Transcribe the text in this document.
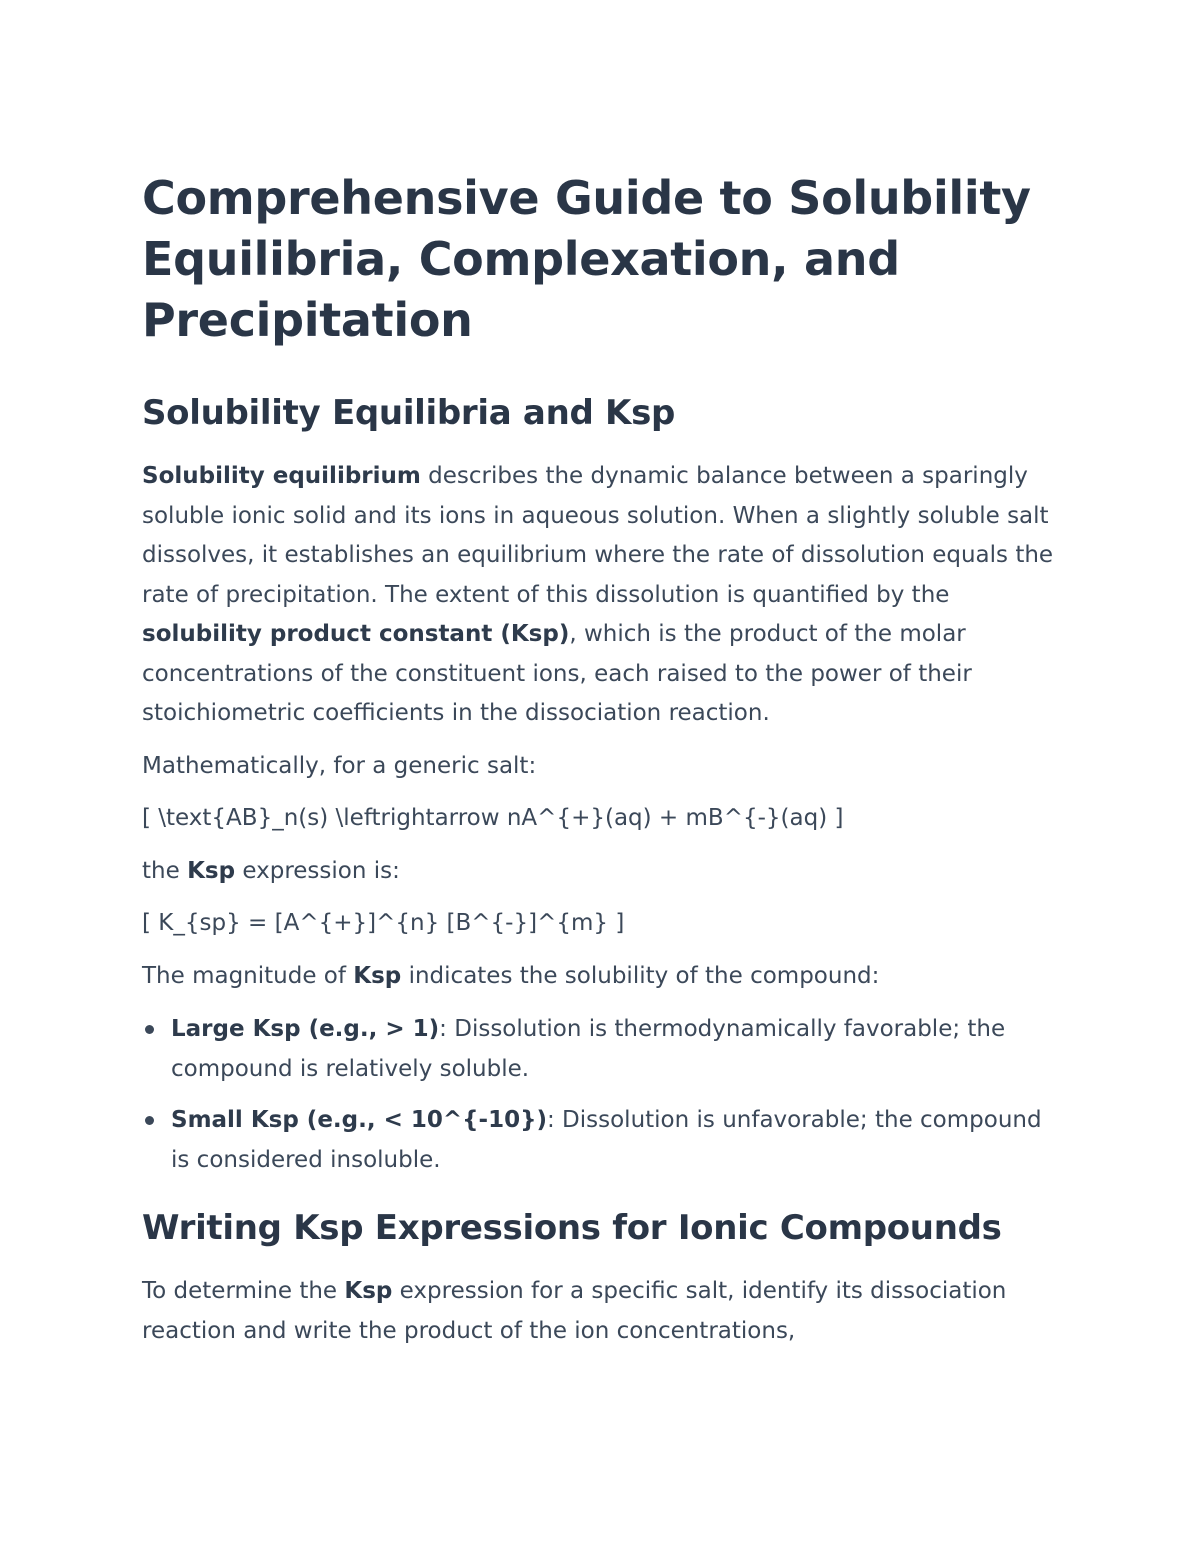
Comprehensive Guide to Solubility Equilibria, Complexation, and Precipitation
Solubility Equilibria and Ksp

Solubility equilibrium describes the dynamic balance between a sparingly soluble ionic solid and its ions in aqueous solution. When a slightly soluble salt dissolves, it establishes an equilibrium where the rate of dissolution equals the rate of precipitation. The extent of this dissolution is quantified by the solubility product constant (Ksp), which is the product of the molar concentrations of the constituent ions, each raised to the power of their stoichiometric coefficients in the dissociation reaction.

Mathematically, for a generic salt:

[ \text{AB}_n(s) \leftrightarrow nA^{+}(aq) + mB^{-}(aq) ]

the Ksp expression is:

[ K_{sp} = [A^{+}]^{n} [B^{-}]^{m} ]

The magnitude of Ksp indicates the solubility of the compound:

Large Ksp (e.g., > 1): Dissolution is thermodynamically favorable; the compound is relatively soluble.
Small Ksp (e.g., < 10^{-10}): Dissolution is unfavorable; the compound is considered insoluble.
Writing Ksp Expressions for Ionic Compounds

To determine the Ksp expression for a specific salt, identify its dissociation reaction and write the product of the ion concentrations,
